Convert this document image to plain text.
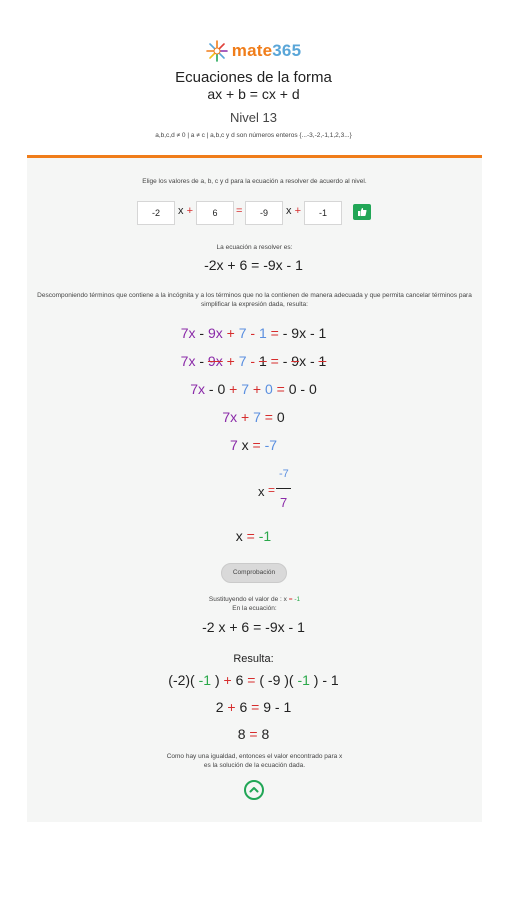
mate365
Ecuaciones de la forma
ax + b = cx + d
Nivel 13
a,b,c,d ≠ 0 | a ≠ c | a,b,c y d son números enteros {...-3,-2,-1,1,2,3...}
Elige los valores de a, b, c y d para la ecuación a resolver de acuerdo al nivel.
-2	x +	6	=	-9	x +	-1
La ecuación a resolver es:
-2x + 6 = -9x - 1
Descomponiendo términos que contiene a la incógnita y a los términos que no la contienen de manera adecuada y que permita cancelar términos para simplificar la expresión dada, resulta:
7x - 9x + 7 - 1 = - 9x - 1
7x - 9x + 7 - 1 = - 9x - 1
7x - 0 + 7 + 0 = 0 - 0
7x + 7 = 0
7 x = -7
x =
-7
7
x = -1
Comprobación
Sustituyendo el valor de : x = -1
En la ecuación:
-2 x + 6 = -9x - 1
Resulta:
(-2)( -1 ) + 6 = ( -9 )( -1 ) - 1
2 + 6 = 9 - 1
8 = 8
Como hay una igualdad, entonces el valor encontrado para x
es la solución de la ecuación dada.
